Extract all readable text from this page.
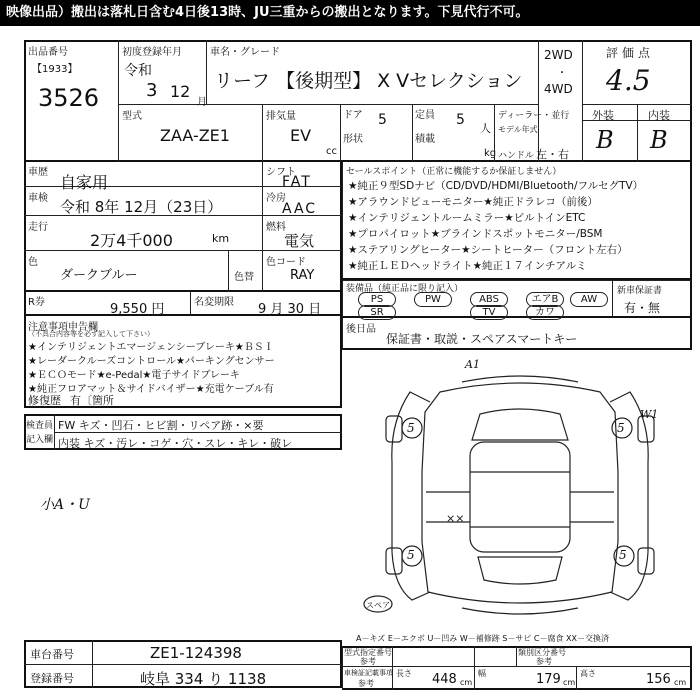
映像出品）搬出は落札日含む4日後13時、JU三重からの搬出となります。下見代行不可。
出品番号
【1933】
3526
初度登録年月
令和
3 12
月
車名・グレード
リーフ 【後期型】 X Vセレクション
2WD
・
4WD
評価点
4.5
型式
ZAA-ZE1
排気量
EV
cc
ドア 5
形状
定員 5
人
積載
kg
ディーラー・並行
モデル年式
ハンドル 左・右
外装	内装
B B
車歴
自家用
車検 令和 8年 12月（23日）
走行
2万4千000	km
色
ダークブルー	色替
シフト
FAT
冷房
AAC
燃料
電気
色コード
RAY
セールスポイント（正常に機能するか保証しません）
★純正９型SDナビ（CD/DVD/HDMI/Bluetooth/フルセグTV）
★アラウンドビューモニター★純正ドラレコ（前後）
★インテリジェントルームミラー★ビルトインETC
★プロパイロット★ブラインドスポットモニター/BSM
★ステアリングヒーター★シートヒーター（フロント左右）
★純正ＬＥＤヘッドライト★純正１７インチアルミ
R券	9,550 円	名変期限 9 月 30 日
装備品（純正品に限り記入）
PS	PW	ABS	エアB	AW
SR	TV	カワ
新車保証書
有・無
後日品
保証書・取説・スペアスマートキー
注意事項申告欄
（不具合内容等を必ず記入して下さい）
★インテリジェントエマージェンシーブレーキ★ＢＳＩ
★レーダークルーズコントロール★パーキングセンサー
★ＥＣＯモード★e-Pedal★電子サイドブレーキ
★純正フロアマット＆サイドバイザー★充電ケーブル有
修復歴 有〔箇所
検査員
記入欄
FW キズ・凹石・ヒビ割・リペア跡・×要
内装 キズ・汚レ・コゲ・穴・スレ・キレ・破レ
小A・U
A1
5	5
5	5
W1
××
スペア
A－キズ E－エクボ U－凹み W－補修跡 S－サビ C－腐食 XX－交換済
車台番号	ZE1-124398
登録番号	岐阜 334 り 1138
型式指定番号
参考
類別区分番号
参考
車検証記載事項
参考
長さ 448 cm
幅	179 cm
高さ	156 cm
